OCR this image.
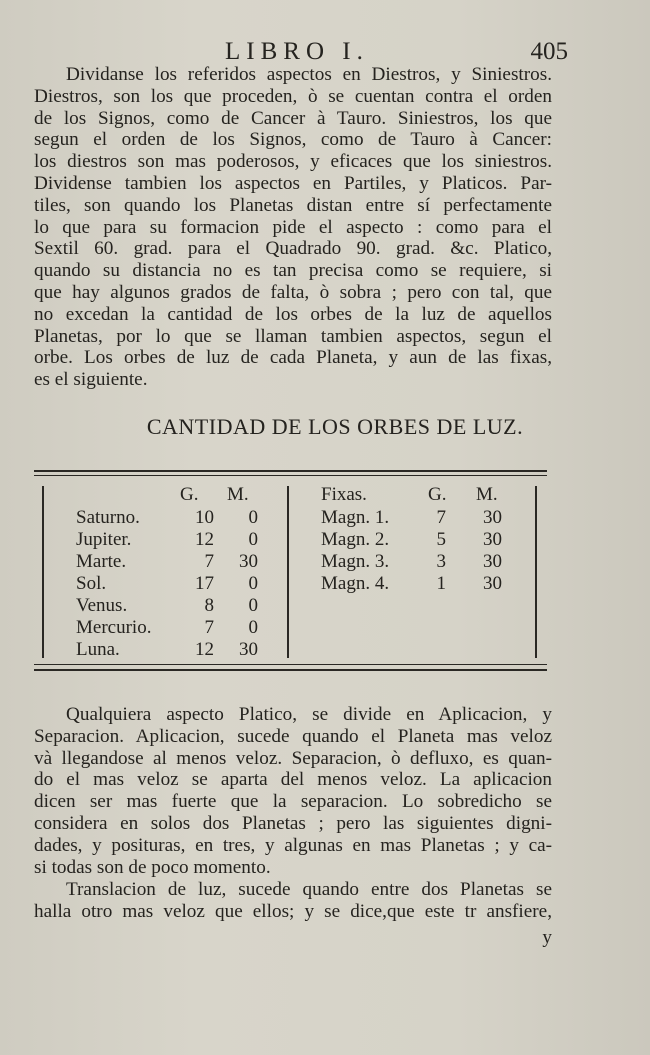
LIBRO I.	405
Dividanse los referidos aspectos en Diestros, y Siniestros.
Diestros, son los que proceden, ò se cuentan contra el orden
de los Signos, como de Cancer à Tauro. Siniestros, los que
segun el orden de los Signos, como de Tauro à Cancer:
los diestros son mas poderosos, y eficaces que los siniestros.
Dividense tambien los aspectos en Partiles, y Platicos. Par-
tiles, son quando los Planetas distan entre sí perfectamente
lo que para su formacion pide el aspecto : como para el
Sextil 60. grad. para el Quadrado 90. grad. &c. Platico,
quando su distancia no es tan precisa como se requiere, si
que hay algunos grados de falta, ò sobra ; pero con tal, que
no excedan la cantidad de los orbes de la luz de aquellos
Planetas, por lo que se llaman tambien aspectos, segun el
orbe. Los orbes de luz de cada Planeta, y aun de las fixas,
es el siguiente.
CANTIDAD DE LOS ORBES DE LUZ.
G. M.
Saturno.	10	0
Jupiter.	12	0
Marte.	7	30
Sol.	17	0
Venus.	8	0
Mercurio.	7	0
Luna.	12	30
Fixas.	G. M.
Magn. 1.	7	30
Magn. 2.	5	30
Magn. 3.	3	30
Magn. 4.	1	30
Qualquiera aspecto Platico, se divide en Aplicacion, y
Separacion. Aplicacion, sucede quando el Planeta mas veloz
và llegandose al menos veloz. Separacion, ò defluxo, es quan-
do el mas veloz se aparta del menos veloz. La aplicacion
dicen ser mas fuerte que la separacion. Lo sobredicho se
considera en solos dos Planetas ; pero las siguientes digni-
dades, y posituras, en tres, y algunas en mas Planetas ; y ca-
si todas son de poco momento.
Translacion de luz, sucede quando entre dos Planetas se
halla otro mas veloz que ellos; y se dice,que este tr ansfiere,
y
